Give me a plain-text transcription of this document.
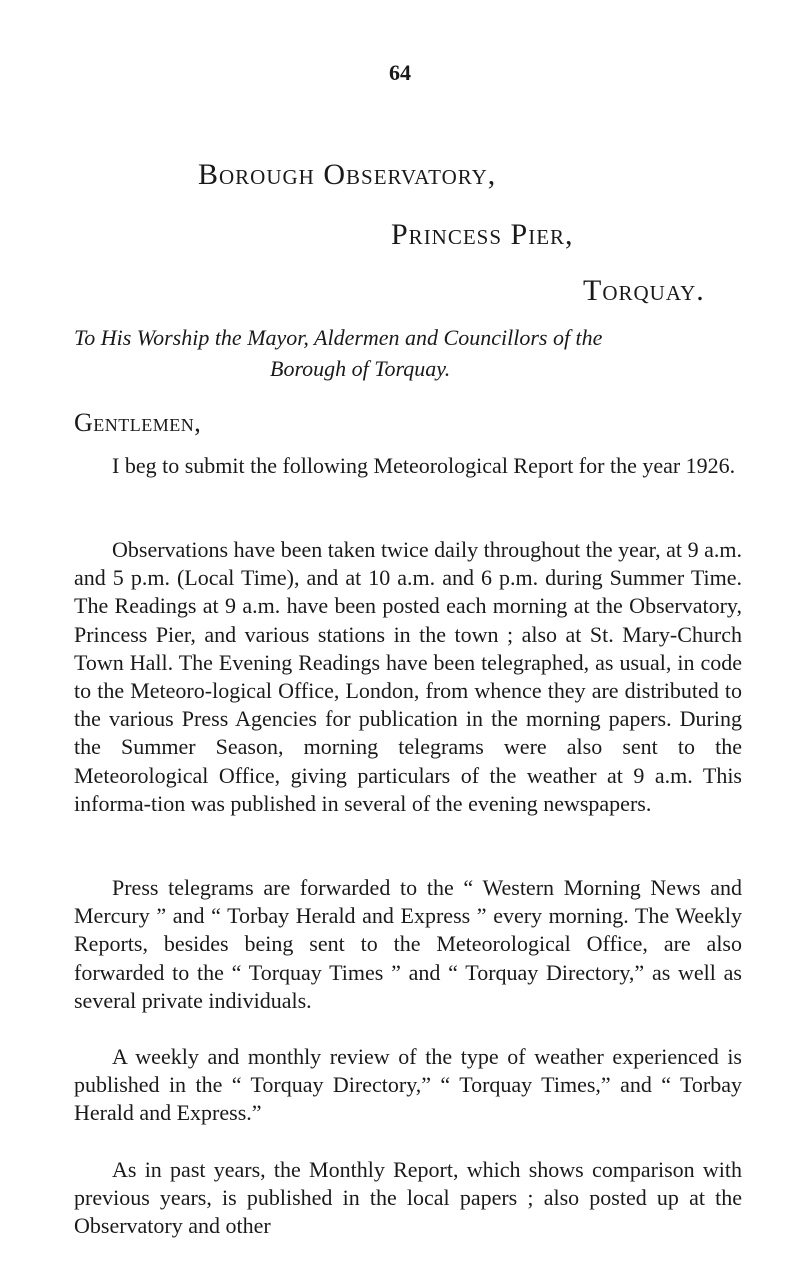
64
Borough Observatory,
Princess Pier,
Torquay.
To His Worship the Mayor, Aldermen and Councillors of the
Borough of Torquay.
Gentlemen,

I beg to submit the following Meteorological Report for the year 1926.

Observations have been taken twice daily throughout the year, at 9 a.m. and 5 p.m. (Local Time), and at 10 a.m. and 6 p.m. during Summer Time. The Readings at 9 a.m. have been posted each morning at the Observatory, Princess Pier, and various stations in the town ; also at St. Mary-Church Town Hall. The Evening Readings have been telegraphed, as usual, in code to the Meteoro-logical Office, London, from whence they are distributed to the various Press Agencies for publication in the morning papers. During the Summer Season, morning telegrams were also sent to the Meteorological Office, giving particulars of the weather at 9 a.m. This informa-tion was published in several of the evening newspapers.

Press telegrams are forwarded to the “ Western Morning News and Mercury ” and “ Torbay Herald and Express ” every morning. The Weekly Reports, besides being sent to the Meteorological Office, are also forwarded to the “ Torquay Times ” and “ Torquay Directory,” as well as several private individuals.

A weekly and monthly review of the type of weather experienced is published in the “ Torquay Directory,” “ Torquay Times,” and “ Torbay Herald and Express.”

As in past years, the Monthly Report, which shows comparison with previous years, is published in the local papers ; also posted up at the Observatory and other
